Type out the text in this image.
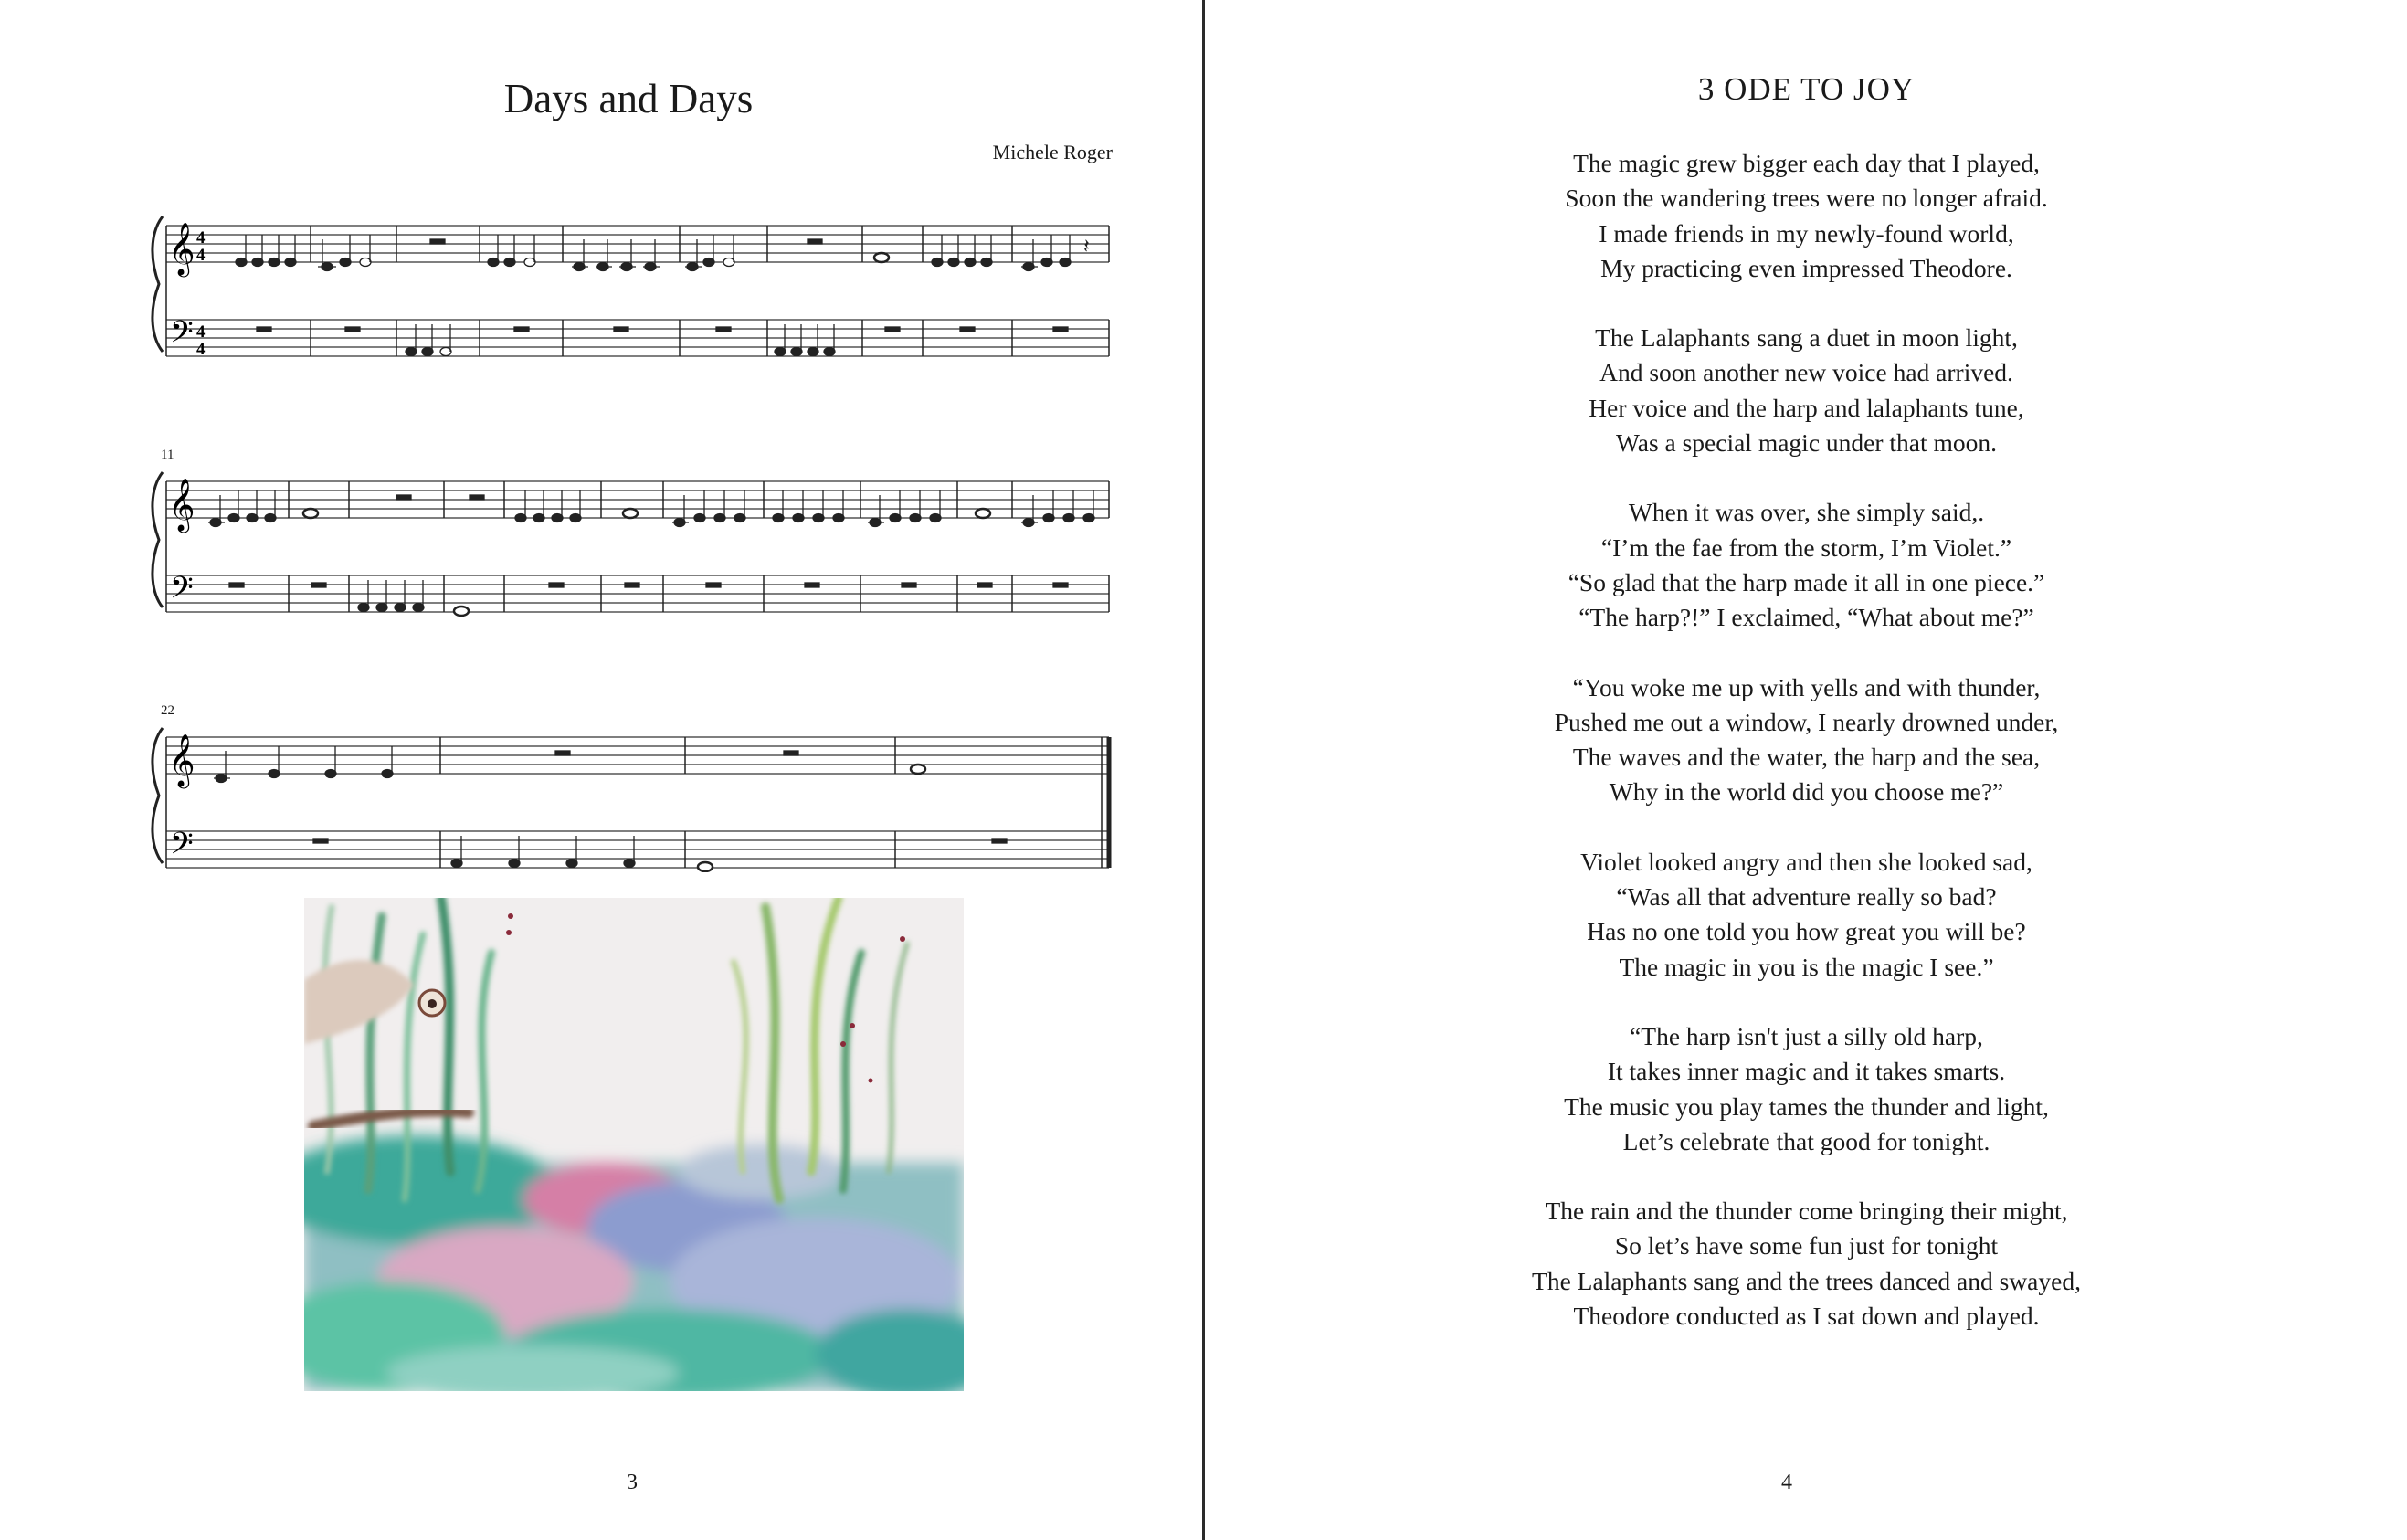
Days and Days
Michele Roger
𝄞
𝄢
4
4
4
4
𝄽
11
𝄞
𝄢
22
𝄞
𝄢
3
3 ODE TO JOY

The magic grew bigger each day that I played,
Soon the wandering trees were no longer afraid.
I made friends in my newly-found world,
My practicing even impressed Theodore.

The Lalaphants sang a duet in moon light,
And soon another new voice had arrived.
Her voice and the harp and lalaphants tune,
Was a special magic under that moon.

When it was over, she simply said,.
“I’m the fae from the storm, I’m Violet.”
“So glad that the harp made it all in one piece.”
“The harp?!” I exclaimed, “What about me?”

“You woke me up with yells and with thunder,
Pushed me out a window, I nearly drowned under,
The waves and the water, the harp and the sea,
Why in the world did you choose me?”

Violet looked angry and then she looked sad,
“Was all that adventure really so bad?
Has no one told you how great you will be?
The magic in you is the magic I see.”

“The harp isn't just a silly old harp,
It takes inner magic and it takes smarts.
The music you play tames the thunder and light,
Let’s celebrate that good for tonight.

The rain and the thunder come bringing their might,
So let’s have some fun just for tonight
The Lalaphants sang and the trees danced and swayed,
Theodore conducted as I sat down and played.

4
